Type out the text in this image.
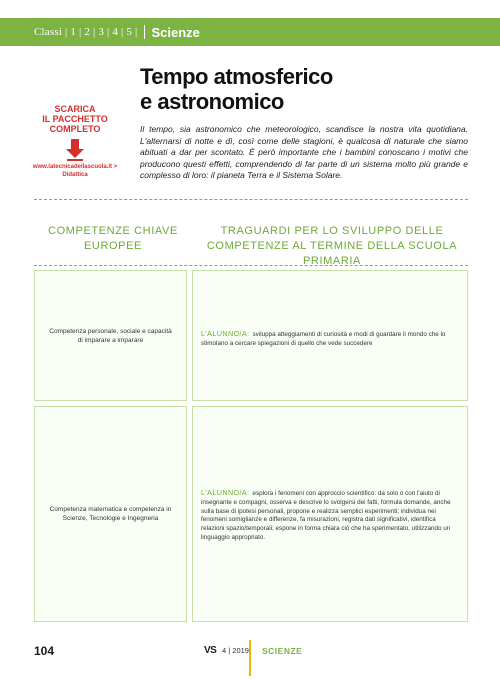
Classi | 1 | 2 | 3 | 4 | 5 | Scienze
Tempo atmosferico
e astronomico
SCARICA
IL PACCHETTO
COMPLETO
www.latecnicadellascuola.it > Didattica

Il tempo, sia astronomico che meteorologico, scandisce la nostra vita quotidiana. L'alternarsi di notte e dì, così come delle stagioni, è qualcosa di naturale che siamo abituati a dar per scontato. È però importante che i bambini conoscano i motivi che producono questi effetti, comprendendo di far parte di un sistema molto più grande e complesso di loro: il pianeta Terra e il Sistema Solare.

COMPETENZE CHIAVE EUROPEE
TRAGUARDI PER LO SVILUPPO DELLE COMPETENZE AL TERMINE DELLA SCUOLA PRIMARIA
Competenza personale, sociale e capacità di imparare a imparare
L'ALUNNO/A: sviluppa atteggiamenti di curiosità e modi di guardare il mondo che lo stimolano a cercare spiegazioni di quello che vede succedere
Competenza matematica e competenza in Scienze, Tecnologie e Ingegneria
L'ALUNNO/A: esplora i fenomeni con approccio scientifico: da solo o con l'aiuto di insegnante e compagni, osserva e descrive lo svolgersi dei fatti, formula domande, anche sulla base di ipotesi personali, propone e realizza semplici esperimenti; individua nei fenomeni somiglianze e differenze, fa misurazioni, registra dati significativi, identifica relazioni spazio/temporali; espone in forma chiara ciò che ha sperimentato, utilizzando un linguaggio appropriato.
104	VS 4 | 2019 SCIENZE
